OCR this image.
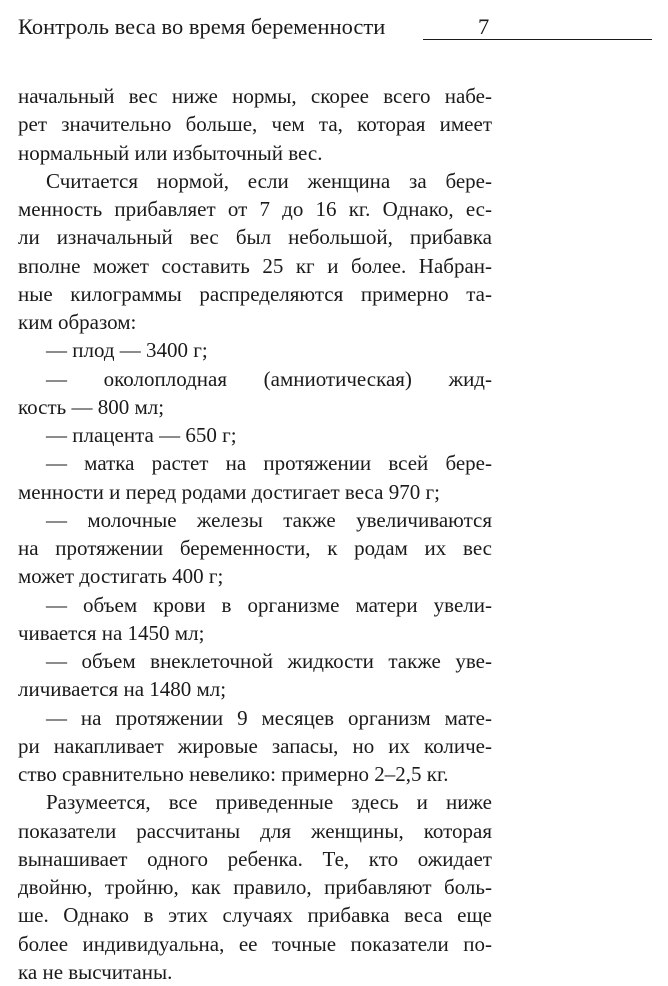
Контроль веса во время беременности	7
начальный вес ниже нормы, скорее всего набе-
рет значительно больше, чем та, которая имеет
нормальный или избыточный вес.
Считается нормой, если женщина за бере-
менность прибавляет от 7 до 16 кг. Однако, ес-
ли изначальный вес был небольшой, прибавка
вполне может составить 25 кг и более. Набран-
ные килограммы распределяются примерно та-
ким образом:
— плод — 3400 г;
— околоплодная (амниотическая) жид-
кость — 800 мл;
— плацента — 650 г;
— матка растет на протяжении всей бере-
менности и перед родами достигает веса 970 г;
— молочные железы также увеличиваются
на протяжении беременности, к родам их вес
может достигать 400 г;
— объем крови в организме матери увели-
чивается на 1450 мл;
— объем внеклеточной жидкости также уве-
личивается на 1480 мл;
— на протяжении 9 месяцев организм мате-
ри накапливает жировые запасы, но их количе-
ство сравнительно невелико: примерно 2–2,5 кг.
Разумеется, все приведенные здесь и ниже
показатели рассчитаны для женщины, которая
вынашивает одного ребенка. Те, кто ожидает
двойню, тройню, как правило, прибавляют боль-
ше. Однако в этих случаях прибавка веса еще
более индивидуальна, ее точные показатели по-
ка не высчитаны.
